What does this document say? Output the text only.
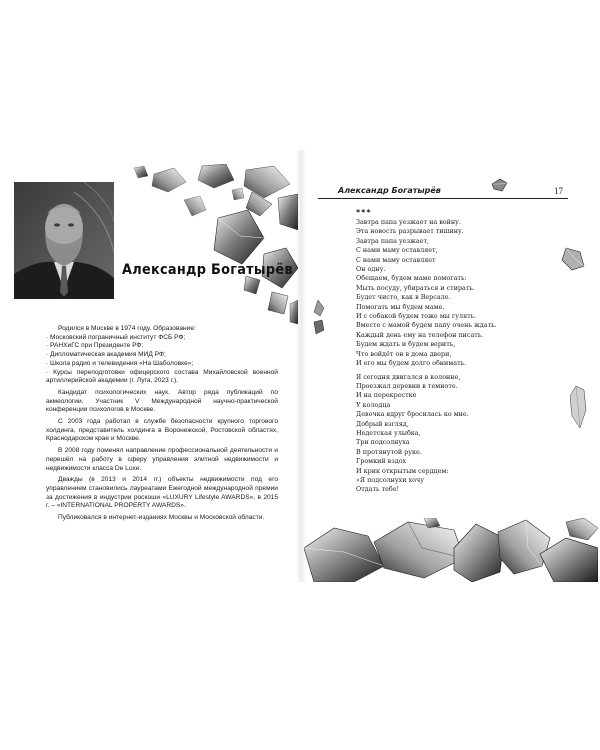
Александр Богатырёв

Родился в Москве в 1974 году. Образование:

· Московский пограничный институт ФСБ РФ;

· РАНХиГС при Президенте РФ;

· Дипломатическая академия МИД РФ;

· Школа радио и телевидения «На Шаболовке»;

· Курсы переподготовки офицерского состава Михайловской военной артиллерийской академии (г. Луга, 2023 г.).

Кандидат психологических наук. Автор ряда публикаций по акмеологии. Участник V Международной научно-практической конференции психологов в Москве.

С 2003 года работал в службе безопасности крупного торгового холдинга, представитель холдинга в Воронежской, Ростовской областях, Краснодарском крае и Москве.

В 2008 году поменял направление профессиональной деятельности и перешёл на работу в сферу управления элитной недвижимости и недвижимости класса De Luxe.

Дважды (в 2013 и 2014 гг.) объекты недвижимости под его управлением становились лауреатами Ежегодной международной премии за достижения в индустрии роскоши «LUXURY Lifestyle AWARDS», в 2015 г. – «INTERNATIONAL PROPERTY AWARDS».

Публиковался в интернет-изданиях Москвы и Московской области.

Александр Богатырёв	17
***
Завтра папа уезжает на войну.
Эта новость разрывает тишину.
Завтра папа уезжает,
С нами маму оставляет,
С нами маму оставляет
Он одну.
Обещаем, будем маме помогать:
Мыть посуду, убираться и стирать.
Будет чисто, как в Версале.
Помогать мы будем маме.
И с собакой будем тоже мы гулять.
Вместе с мамой будем папу очень ждать.
Каждый день ему на телефон писать.
Будем ждать и будем верить,
Что войдёт он в дома двери,
И его мы будем долго обнимать.
Я сегодня двигался в колонне,
Проезжал деревни в темноте.
И на перекрестке
У колодца
Девочка вдруг бросилась ко мне.
Добрый взгляд,
Недетская улыбка,
Три подсолнуха
В протянутой руке.
Громкий вздох
И крик открытым сердцем:
«Я подсолнухи хочу
Отдать тебе!
